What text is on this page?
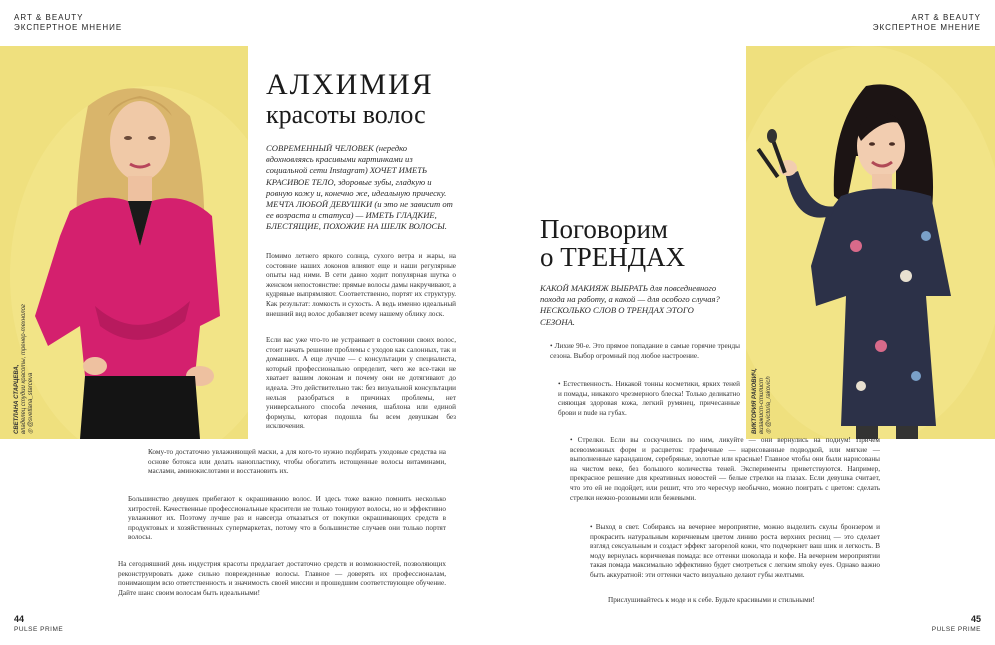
ART & BEAUTY
ЭКСПЕРТНОЕ МНЕНИЕ
СВЕТЛАНА СТАРЦЕВА, владелец студии красоты, тренер-технолог ◎ @svetlana_starceva
АЛХИМИЯ
красоты волос
СОВРЕМЕННЫЙ ЧЕЛОВЕК (нередко вдохновляясь красивыми картинками из социальной сети Instagram) ХОЧЕТ ИМЕТЬ КРАСИВОЕ ТЕЛО, здоровые зубы, гладкую и ровную кожу и, конечно же, идеальную прическу. МЕЧТА ЛЮБОЙ ДЕВУШКИ (и это не зависит от ее возраста и статуса) — ИМЕТЬ ГЛАДКИЕ, БЛЕСТЯЩИЕ, ПОХОЖИЕ НА ШЕЛК ВОЛОСЫ.

Помимо летнего яркого солнца, сухого ветра и жары, на состояние наших локонов влияют еще и наши регулярные опыты над ними. В сети давно ходит популярная шутка о женском непостоянстве: прямые волосы дамы накручивают, а кудрявые выпрямляют. Соответственно, портят их структуру. Как результат: ломкость и сухость. А ведь именно идеальный внешний вид волос добавляет всему нашему облику лоск.

Если вас уже что-то не устраивает в состоянии своих волос, стоит начать решение проблемы с уходов как салонных, так и домашних. А еще лучше — с консультации у специалиста, который профессионально определит, чего же все-таки не хватает вашим локонам и почему они не дотягивают до идеала. Это действительно так: без визуальной консультации нельзя разобраться в причинах проблемы, нет универсального способа лечения, шаблона или единой формулы, которая подошла бы всем девушкам без исключения.

Кому-то достаточно увлажняющей маски, а для кого-то нужно подбирать уходовые средства на основе ботокса или делать нанопластику, чтобы обогатить истощенные волосы витаминами, маслами, аминокислотами и восстановить их.

Большинство девушек прибегают к окрашиванию волос. И здесь тоже важно помнить несколько хитростей. Качественные профессиональные красители не только тонируют волосы, но и эффективно увлажняют их. Поэтому лучше раз и навсегда отказаться от покупки окрашивающих средств в продуктовых и хозяйственных супермаркетах, потому что в большинстве случаев они только портят волосы.

На сегодняшний день индустрия красоты предлагает достаточно средств и возможностей, позволяющих реконструировать даже сильно поврежденные волосы. Главное — доверять их профессионалам, понимающим всю ответственность и значимость своей миссии и прошедшим соответствующее обучение. Дайте шанс своим волосам быть идеальными!

44
PULSE PRIME
ART & BEAUTY
ЭКСПЕРТНОЕ МНЕНИЕ
ВИКТОРИЯ РАКОВИЧ, визажист-стилист ◎ @victoria_rakovich
Поговорим
о ТРЕНДАХ
КАКОЙ МАКИЯЖ ВЫБРАТЬ для повседневного похода на работу, а какой — для особого случая? НЕСКОЛЬКО СЛОВ О ТРЕНДАХ ЭТОГО СЕЗОНА.

• Лихие 90-е. Это прямое попадание в самые горячие тренды сезона. Выбор огромный под любое настроение.

• Естественность. Никакой тонны косметики, ярких теней и помады, никакого чрезмерного блеска! Только деликатно сияющая здоровая кожа, легкий румянец, причесанные брови и nude на губах.

• Стрелки. Если вы соскучились по ним, ликуйте — они вернулись на подиум! Причем всевозможных форм и расцветок: графичные — нарисованные подводкой, или мягкие — выполненные карандашом, серебряные, золотые или красные! Главное чтобы они были нарисованы на чистом веке, без большого количества теней. Эксперименты приветствуются. Например, прекрасное решение для креативных новостей — белые стрелки на глазах. Если девушка считает, что это ей не подойдет, или решит, что это чересчур необычно, можно поиграть с цветом: сделать стрелки нежно-розовыми или бежевыми.

• Выход в свет. Собираясь на вечернее мероприятие, можно выделить скулы бронзером и прокрасить натуральным коричневым цветом линию роста верхних ресниц — это сделает взгляд сексуальным и создаст эффект загорелой кожи, что подчеркнет ваш шик и легкость. В моду вернулась коричневая помада: все оттенки шоколада и кофе. На вечернем мероприятии такая помада максимально эффективно будет смотреться с легким smoky eyes. Однако важно быть аккуратной: эти оттенки часто визуально делают губы желтыми.

Прислушивайтесь к моде и к себе. Будьте красивыми и стильными!
45
PULSE PRIME
